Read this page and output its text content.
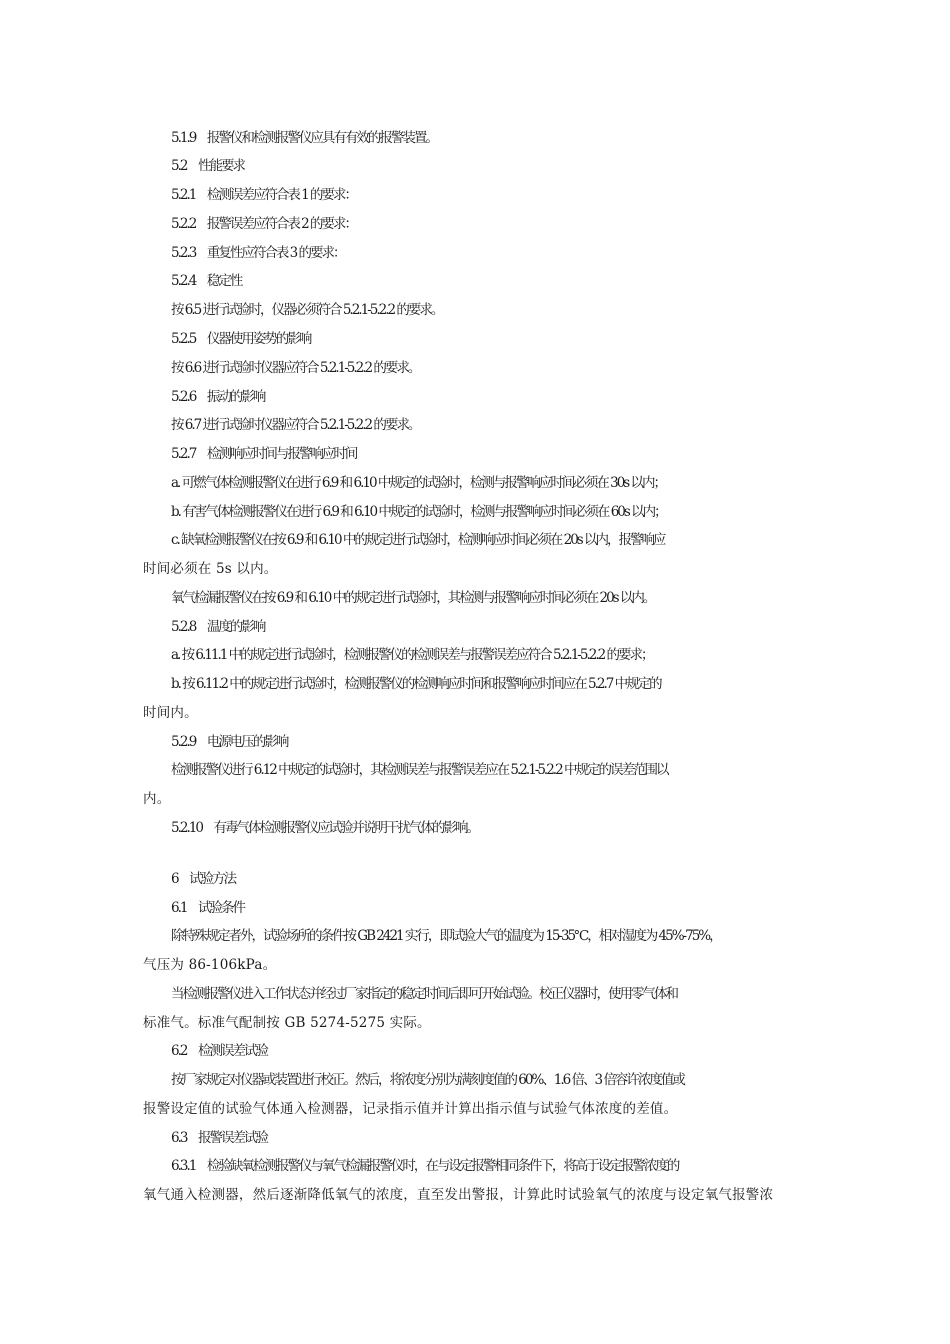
5.1.9　报警仪和检测报警仪应具有有效的报警装置。
5.2　性能要求
5.2.1　检测误差应符合表 1 的要求：
5.2.2　报警误差应符合表 2 的要求：
5.2.3　重复性应符合表 3 的要求：
5.2.4　稳定性
按 6.5 进行试验时，仪器必须符合 5.2.1-5.2.2 的要求。
5.2.5　仪器使用姿势的影响
按 6.6 进行试验时仪器应符合 5.2.1-5.2.2 的要求。
5.2.6　振动的影响
按 6.7 进行试验时仪器应符合 5.2.1-5.2.2 的要求。
5.2.7　检测响应时间与报警响应时间
a. 可燃气体检测报警仪在进行 6.9 和 6.10 中规定的试验时，检测与报警响应时间必须在 30s 以内；
b. 有害气体检测报警仪在进行 6.9 和 6.10 中规定的试验时，检测与报警响应时间必须在 60s 以内；
c. 缺氧检测报警仪在按 6.9 和 6.10 中的规定进行试验时，检测响应时间必须在 20s 以内，报警响应
时间必须在 5s 以内。
氧气检漏报警仪在按 6.9 和 6.10 中的规定进行试验时，其检测与报警响应时间必须在 20s 以内。
5.2.8　温度的影响
a. 按 6.11.1 中的规定进行试验时，检测报警仪的检测误差与报警误差应符合 5.2.1-5.2.2 的要求；
b. 按 6.11.2 中的规定进行试验时，检测报警仪的检测响应时间和报警响应时间应在 5.2.7 中规定的
时间内。
5.2.9　电源电压的影响
检测报警仪进行 6.12 中规定的试验时，其检测误差与报警误差应在 5.2.1-5.2.2 中规定的误差范围以
内。
5.2.10　有毒气体检测报警仪应试验并说明干扰气体的影响。
6　试验方法
6.1　试验条件
除特殊规定者外，试验场所的条件按 GB 2421 实行，即试验大气的温度为 15-35℃，相对湿度为 45%-75%，
气压为 86-106kPa。
当检测报警仪进入工作状态并经过厂家指定的稳定时间后即可开始试验。校正仪器时，使用零气体和
标准气。标准气配制按 GB 5274-5275 实际。
6.2　检测误差试验
按厂家规定对仪器或装置进行校正。然后，将浓度分别为满刻度值的 60%、1.6 倍、3 倍容许浓度值或
报警设定值的试验气体通入检测器，记录指示值并计算出指示值与试验气体浓度的差值。
6.3　报警误差试验
6.3.1　检验缺氧检测报警仪与氧气检漏报警仪时，在与设定报警相同条件下，将高于设定报警浓度的
氧气通入检测器，然后逐渐降低氧气的浓度，直至发出警报，计算此时试验氧气的浓度与设定氧气报警浓
